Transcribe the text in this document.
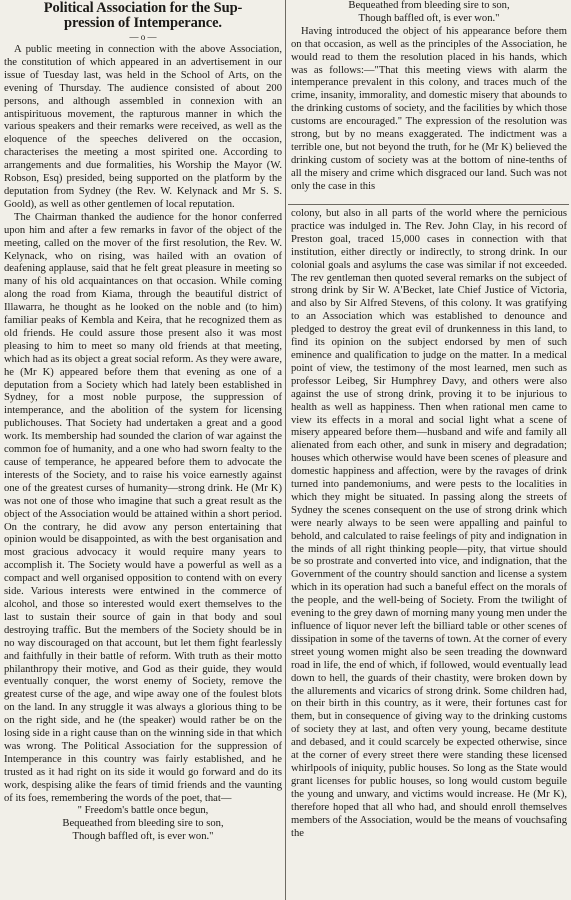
Political Association for the Sup-
pression of Intemperance.
— o —

A public meeting in connection with the above Association, the constitution of which appeared in an advertisement in our issue of Tuesday last, was held in the School of Arts, on the evening of Thursday. The audience consisted of about 200 persons, and although assembled in connexion with an antispirituous movement, the rapturous manner in which the various speakers and their remarks were received, as well as the eloquence of the speeches delivered on the occasion, characterises the meeting a most spirited one. According to arrangements and due formalities, his Worship the Mayor (W. Robson, Esq) presided, being supported on the platform by the deputation from Sydney (the Rev. W. Kelynack and Mr S. S. Goold), as well as other gentlemen of local reputation.

The Chairman thanked the audience for the honor conferred upon him and after a few remarks in favor of the object of the meeting, called on the mover of the first resolution, the Rev. W. Kelynack, who on rising, was hailed with an ovation of deafening applause, said that he felt great pleasure in meeting so many of his old acquaintances on that occasion. While coming along the road from Kiama, through the beautiful district of Illawarra, he thought as he looked on the noble and (to him) familiar peaks of Kembla and Keira, that he recognized them as old friends. He could assure those present also it was most pleasing to him to meet so many old friends at that meeting, which had as its object a great social reform. As they were aware, he (Mr K) appeared before them that evening as one of a deputation from a Society which had lately been established in Sydney, for a most noble purpose, the suppression of intemperance, and the abolition of the system for licensing publichouses. That Society had undertaken a great and a good work. Its membership had sounded the clarion of war against the common foe of humanity, and a one who had sworn fealty to the cause of temperance, he appeared before them to advocate the interests of the Society, and to raise his voice earnestly against one of the greatest curses of humanity—strong drink. He (Mr K) was not one of those who imagine that such a great result as the object of the Association would be attained within a short period. On the contrary, he did avow any person entertaining that opinion would be disappointed, as with the best organisation and most gracious advocacy it would require many years to accomplish it. The Society would have a powerful as well as a compact and well organised opposition to contend with on every side. Various interests were entwined in the commerce of alcohol, and those so interested would exert themselves to the last to sustain their source of gain in that body and soul destroying traffic. But the members of the Society should be in no way discouraged on that account, but let them fight fearlessly and faithfully in their battle of reform. With truth as their motto philanthropy their motive, and God as their guide, they would eventually conquer, the worst enemy of Society, remove the greatest curse of the age, and wipe away one of the foulest blots on the land. In any struggle it was always a glorious thing to be on the right side, and he (the speaker) would rather be on the losing side in a right cause than on the winning side in that which was wrong. The Political Association for the suppression of Intemperance in this country was fairly established, and he trusted as it had right on its side it would go forward and do its work, despising alike the fears of timid friends and the vaunting of its foes, remembering the words of the poet, that—

" Freedom's battle once begun,
Bequeathed from bleeding sire to son,
Though baffled oft, is ever won."
Bequeathed from bleeding sire to son,
Though baffled oft, is ever won."

Having introduced the object of his appearance before them on that occasion, as well as the principles of the Association, he would read to them the resolution placed in his hands, which was as follows:—"That this meeting views with alarm the intemperance prevalent in this colony, and traces much of the crime, insanity, immorality, and domestic misery that abounds to the drinking customs of society, and the facilities by which those customs are encouraged." The expression of the resolution was strong, but by no means exaggerated. The indictment was a terrible one, but not beyond the truth, for he (Mr K) believed the drinking custom of society was at the bottom of nine-tenths of all the misery and crime which disgraced our land. Such was not only the case in this

colony, but also in all parts of the world where the pernicious practice was indulged in. The Rev. John Clay, in his record of Preston goal, traced 15,000 cases in connection with that institution, either directly or indirectly, to strong drink. In our colonial goals and asylums the case was similar if not exceeded. The rev gentleman then quoted several remarks on the subject of strong drink by Sir W. A'Becket, late Chief Justice of Victoria, and also by Sir Alfred Stevens, of this colony. It was gratifying to an Association which was established to denounce and pledged to destroy the great evil of drunkenness in this land, to find its opinion on the subject endorsed by men of such eminence and qualification to judge on the matter. In a medical point of view, the testimony of the most learned, men such as professor Leibeg, Sir Humphrey Davy, and others were also against the use of strong drink, proving it to be injurious to health as well as happiness. Then when rational men came to view its effects in a moral and social light what a scene of misery appeared before them—husband and wife and family all alienated from each other, and sunk in misery and degradation; houses which otherwise would have been scenes of pleasure and domestic happiness and affection, were by the ravages of drink turned into pandemoniums, and were pests to the localities in which they might be situated. In passing along the streets of Sydney the scenes consequent on the use of strong drink which were nearly always to be seen were appalling and painful to behold, and calculated to raise feelings of pity and indignation in the minds of all right thinking people—pity, that virtue should be so prostrate and converted into vice, and indignation, that the Government of the country should sanction and license a system which in its operation had such a baneful effect on the morals of the people, and the well-being of Society. From the twilight of evening to the grey dawn of morning many young men under the influence of liquor never left the billiard table or other scenes of dissipation in some of the taverns of town. At the corner of every street young women might also be seen treading the downward road in life, the end of which, if followed, would eventually lead down to hell, the guards of their chastity, were broken down by the allurements and vicarics of strong drink. Some children had, on their birth in this country, as it were, their fortunes cast for them, but in consequence of giving way to the drinking customs of society they at last, and often very young, became destitute and debased, and it could scarcely be expected otherwise, since at the corner of every street there were standing these licensed whirlpools of iniquity, public houses. So long as the State would grant licenses for public houses, so long would custom beguile the young and unwary, and victims would increase. He (Mr K), therefore hoped that all who had, and should enroll themselves members of the Association, would be the means of vouchsafing the
